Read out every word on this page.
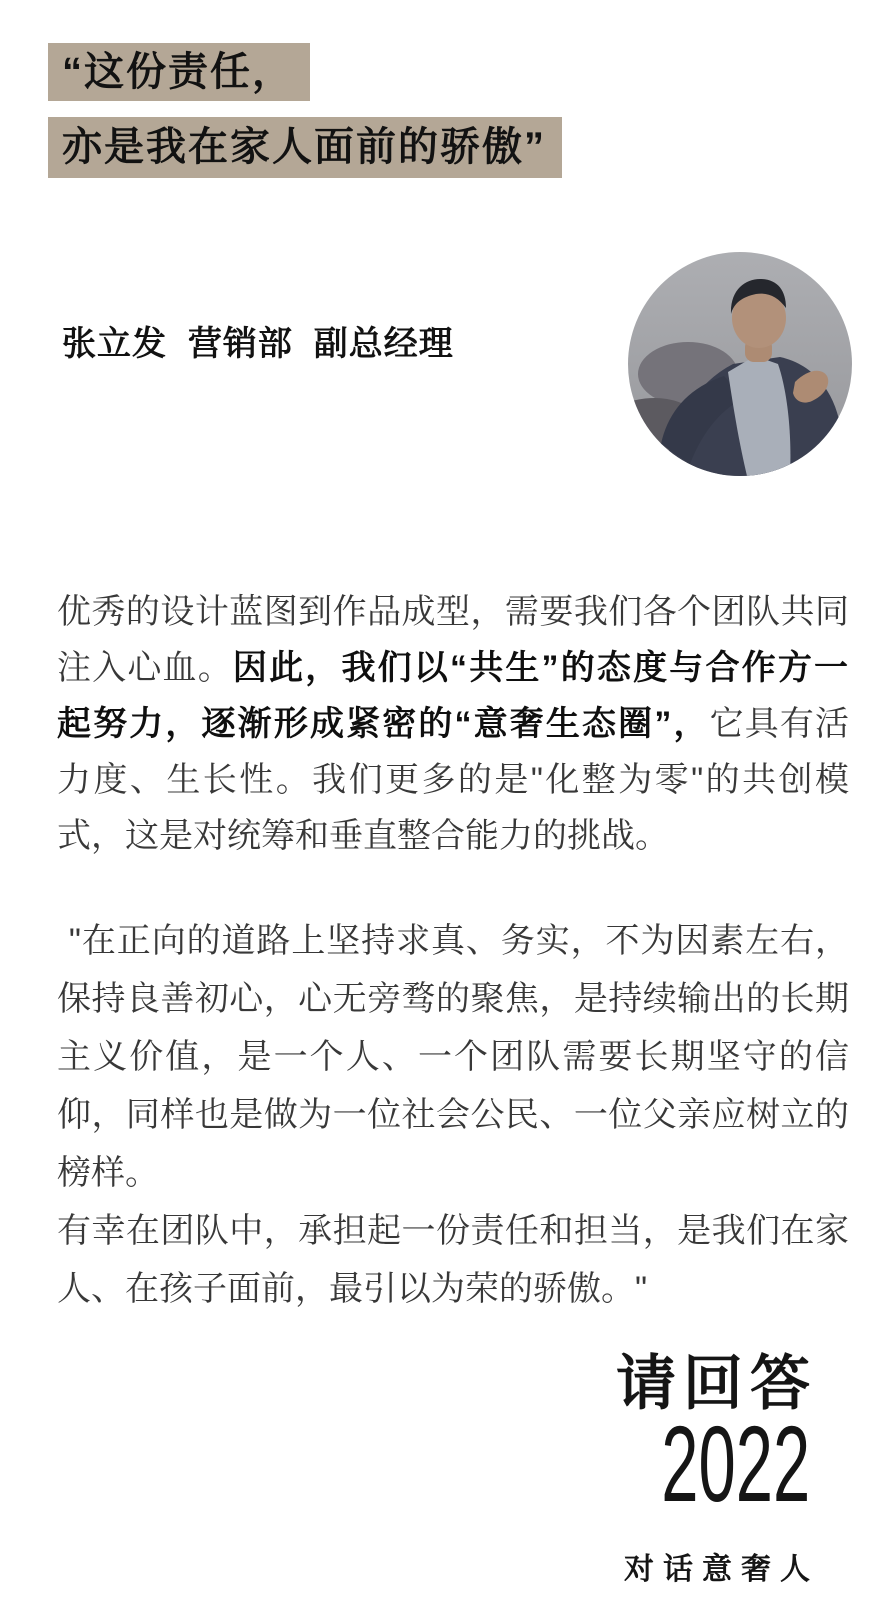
“这份责任，
亦是我在家人面前的骄傲”
张立发  营销部  副总经理

优秀的设计蓝图到作品成型，需要我们各个团队共同注入心血。因此，我们以“共生”的态度与合作方一起努力，逐渐形成紧密的“意奢生态圈”，它具有活力度、生长性。我们更多的是"化整为零"的共创模式，这是对统筹和垂直整合能力的挑战。

"在正向的道路上坚持求真、务实，不为因素左右，保持良善初心，心无旁骛的聚焦，是持续输出的长期主义价值，是一个人、一个团队需要长期坚守的信仰，同样也是做为一位社会公民、一位父亲应树立的榜样。
有幸在团队中，承担起一份责任和担当，是我们在家人、在孩子面前，最引以为荣的骄傲。"

请回答
2022
对话意奢人
